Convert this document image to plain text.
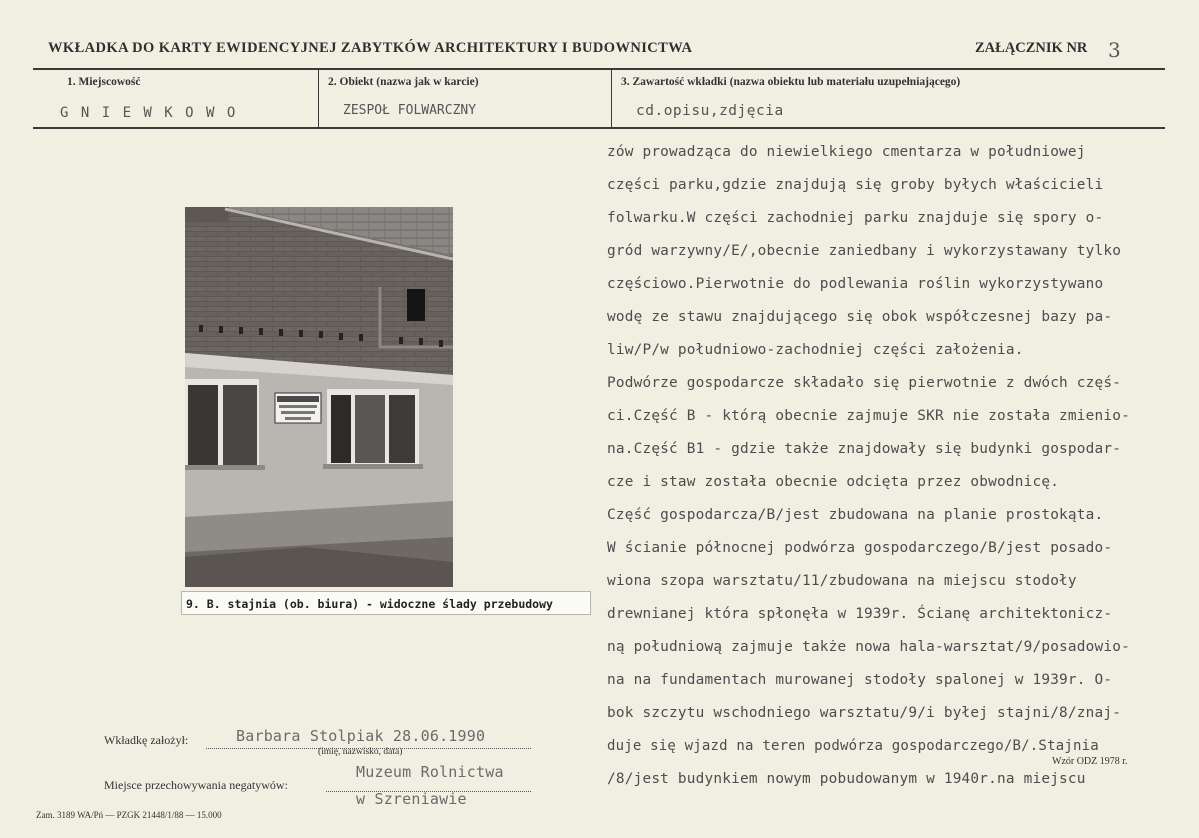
WKŁADKA DO KARTY EWIDENCYJNEJ ZABYTKÓW ARCHITEKTURY I BUDOWNICTWA	ZAŁĄCZNIK NR 3
1. Miejscowość
G N I E W K O W O
2. Obiekt (nazwa jak w karcie)
ZESPOŁ FOLWARCZNY
3. Zawartość wkładki (nazwa obiektu lub materiału uzupełniającego)
cd.opisu,zdjęcia
zów prowadząca do niewielkiego cmentarza w południowej
części parku,gdzie znajdują się groby byłych właścicieli
folwarku.W części zachodniej parku znajduje się spory o-
gród warzywny/E/,obecnie zaniedbany i wykorzystawany tylko
częściowo.Pierwotnie do podlewania roślin wykorzystywano
wodę ze stawu znajdującego się obok współczesnej bazy pa-
liw/P/w południowo-zachodniej części założenia.
Podwórze gospodarcze składało się pierwotnie z dwóch częś-
ci.Część B - którą obecnie zajmuje SKR nie została zmienio-
na.Część B1 - gdzie także znajdowały się budynki gospodar-
cze i staw została obecnie odcięta przez obwodnicę.
Część gospodarcza/B/jest zbudowana na planie prostokąta.
W ścianie północnej podwórza gospodarczego/B/jest posado-
wiona szopa warsztatu/11/zbudowana na miejscu stodoły
drewnianej która spłonęła w 1939r. Ścianę architektonicz-
ną południową zajmuje także nowa hala-warsztat/9/posadowio-
na na fundamentach murowanej stodoły spalonej w 1939r. O-
bok szczytu wschodniego warsztatu/9/i byłej stajni/8/znaj-
duje się wjazd na teren podwórza gospodarczego/B/.Stajnia
/8/jest budynkiem nowym pobudowanym w 1940r.na miejscu
9. B. stajnia (ob. biura) - widoczne ślady przebudowy
Wkładkę założył:	Barbara Stolpiak 28.06.1990
(imię, nazwisko, data)
Miejsce przechowywania negatywów:
Muzeum Rolnictwa
w Szreniawie
Wzór ODZ 1978 r.
Zam. 3189 WA/Pń — PZGK 21448/1/88 — 15.000
